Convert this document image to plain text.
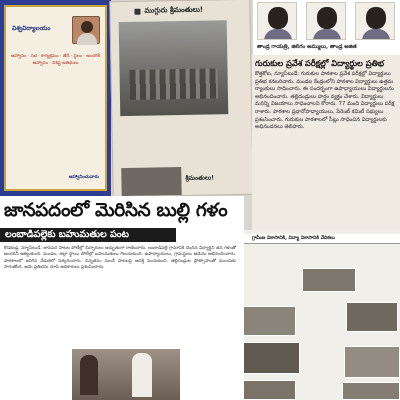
విశ్వవిద్యాలయం
ఆహ్వానం · సభ · కార్యక్రమం · తేదీ · స్థలం · అందరికీ ఆహ్వానం · విశిష్ట అతిథులు
ఆహ్వానించువారు
ముగ్గురు శ్రీమంతులు!
శ్రీమంతులు!
తాండ్ర గాయత్రి, జిలిగం అమ్ములు, తాండ్ర అజిత
గురుకుల ప్రవేశ పరీక్షల్లో విద్యార్థుల ప్రతిభ
కొత్తకోట, న్యూస్‌టుడే: గురుకుల పాఠశాల ప్రవేశ పరీక్షల్లో విద్యార్థులు ప్రతిభ కనబరిచారు. మండల కేంద్రంలోని పాఠశాల విద్యార్థులు ఉత్తమ ర్యాంకులు సాధించారు. ఈ సందర్భంగా ఉపాధ్యాయులు విద్యార్థులను అభినందించారు. తల్లిదండ్రులు హర్షం వ్యక్తం చేశారు. విద్యార్థులు మరిన్ని విజయాలు సాధించాలని కోరారు. 77 మంది విద్యార్థులు పరీక్ష రాశారు. పాఠశాల ప్రధానోపాధ్యాయులు, పేరెంట్ కమిటీ సభ్యులు ప్రశంసించారు. గురుకుల పాఠశాలలో సీట్లు సాధించిన విద్యార్థులకు అభినందనలు తెలిపారు.
గ్రామీణ వికాసానికి, విద్యా వికాసానికి వేదికలు
జానపదంలో మెరిసిన బుల్లి గళం
లంబాడిపల్లెకు బహుమతుల పంట
కొడకండ్ల, న్యూస్‌టుడే: జానపద పాటల పోటీల్లో చిన్నారులు అద్భుతంగా రాణించారు. లంబాడిపల్లె గ్రామానికి చెందిన విద్యార్థిని తన గళంతో అందరినీ ఆకట్టుకుంది. మండల, జిల్లా స్థాయి పోటీల్లో బహుమతులు గెలుచుకుంది. ఉపాధ్యాయులు, గ్రామస్థులు ఆమెను అభినందించారు. పాఠశాలలో జరిగిన వేడుకలో సత్కరించారు. చిన్నతనం నుంచే పాటలపై ఆసక్తి పెంచుకుంది. తల్లిదండ్రుల ప్రోత్సాహంతో ముందుకు సాగుతోంది. ఆమె ప్రతిభను చూసి అధికారులు ప్రశంసించారు.
